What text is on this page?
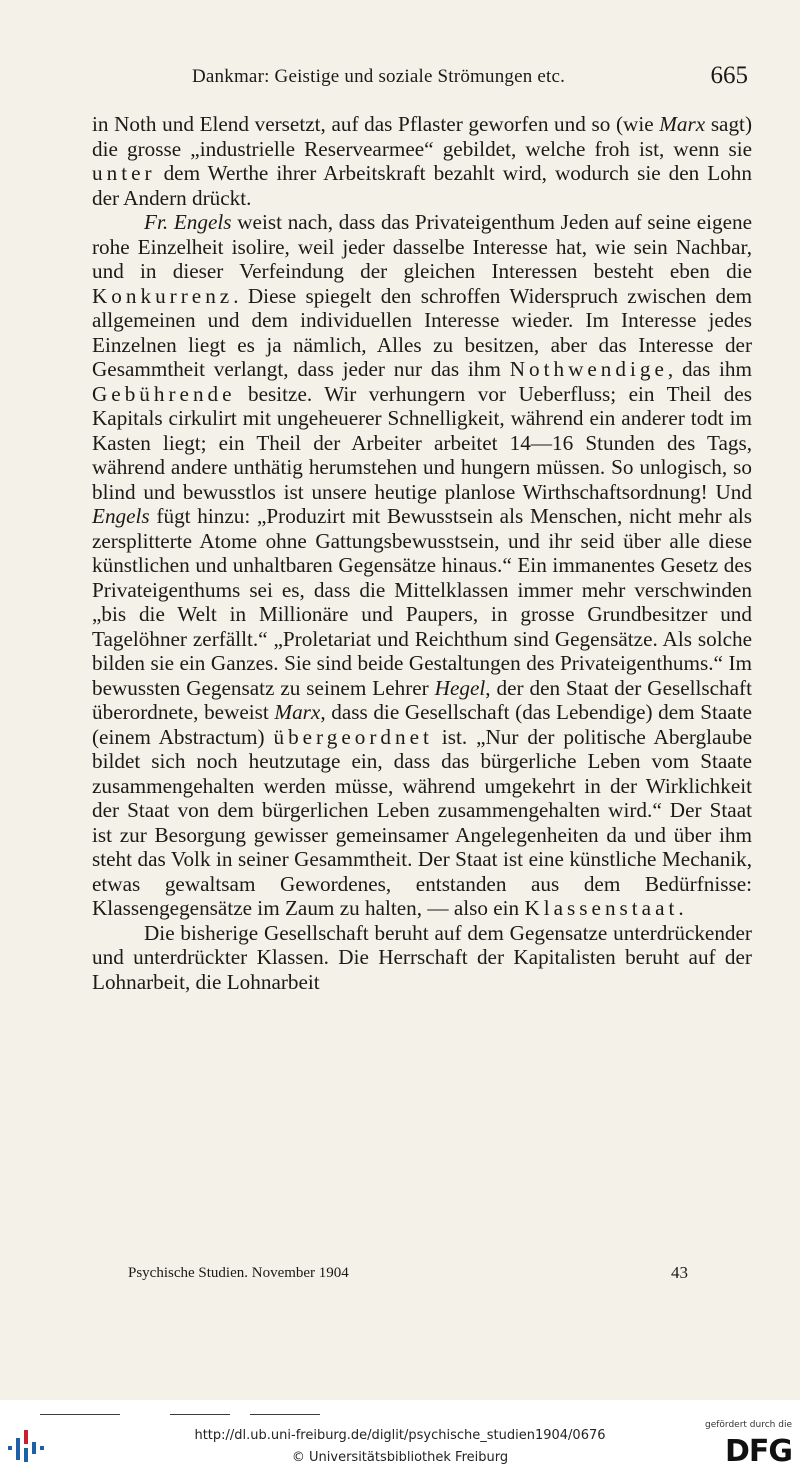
Dankmar: Geistige und soziale Strömungen etc.	665

in Noth und Elend versetzt, auf das Pflaster geworfen und so (wie Marx sagt) die grosse „industrielle Reservearmee“ gebildet, welche froh ist, wenn sie unter dem Werthe ihrer Arbeitskraft bezahlt wird, wodurch sie den Lohn der Andern drückt.

Fr. Engels weist nach, dass das Privateigenthum Jeden auf seine eigene rohe Einzelheit isolire, weil jeder dasselbe Interesse hat, wie sein Nachbar, und in dieser Verfeindung der gleichen Interessen besteht eben die Konkurrenz. Diese spiegelt den schroffen Widerspruch zwischen dem allgemeinen und dem individuellen Interesse wieder. Im Interesse jedes Einzelnen liegt es ja nämlich, Alles zu besitzen, aber das Interesse der Gesammtheit verlangt, dass jeder nur das ihm Nothwendige, das ihm Gebührende besitze. Wir verhungern vor Ueberfluss; ein Theil des Kapitals cirkulirt mit ungeheuerer Schnelligkeit, während ein anderer todt im Kasten liegt; ein Theil der Arbeiter arbeitet 14—16 Stunden des Tags, während andere unthätig herumstehen und hungern müssen. So unlogisch, so blind und bewusstlos ist unsere heutige planlose Wirthschaftsordnung! Und Engels fügt hinzu: „Produzirt mit Bewusstsein als Menschen, nicht mehr als zersplitterte Atome ohne Gattungsbewusstsein, und ihr seid über alle diese künstlichen und unhaltbaren Gegensätze hinaus.“ Ein immanentes Gesetz des Privateigenthums sei es, dass die Mittelklassen immer mehr verschwinden „bis die Welt in Millionäre und Paupers, in grosse Grundbesitzer und Tagelöhner zerfällt.“ „Proletariat und Reichthum sind Gegensätze. Als solche bilden sie ein Ganzes. Sie sind beide Gestaltungen des Privateigenthums.“ Im bewussten Gegensatz zu seinem Lehrer Hegel, der den Staat der Gesellschaft überordnete, beweist Marx, dass die Gesellschaft (das Lebendige) dem Staate (einem Abstractum) übergeordnet ist. „Nur der politische Aberglaube bildet sich noch heutzutage ein, dass das bürgerliche Leben vom Staate zusammengehalten werden müsse, während umgekehrt in der Wirklichkeit der Staat von dem bürgerlichen Leben zusammengehalten wird.“ Der Staat ist zur Besorgung gewisser gemeinsamer Angelegenheiten da und über ihm steht das Volk in seiner Gesammtheit. Der Staat ist eine künstliche Mechanik, etwas gewaltsam Gewordenes, entstanden aus dem Bedürfnisse: Klassengegensätze im Zaum zu halten, — also ein Klassenstaat.

Die bisherige Gesellschaft beruht auf dem Gegensatze unterdrückender und unterdrückter Klassen. Die Herrschaft der Kapitalisten beruht auf der Lohnarbeit, die Lohnarbeit

Psychische Studien. November 1904	43
http://dl.ub.uni-freiburg.de/diglit/psychische_studien1904/0676
© Universitätsbibliothek Freiburg
gefördert durch die
DFG
